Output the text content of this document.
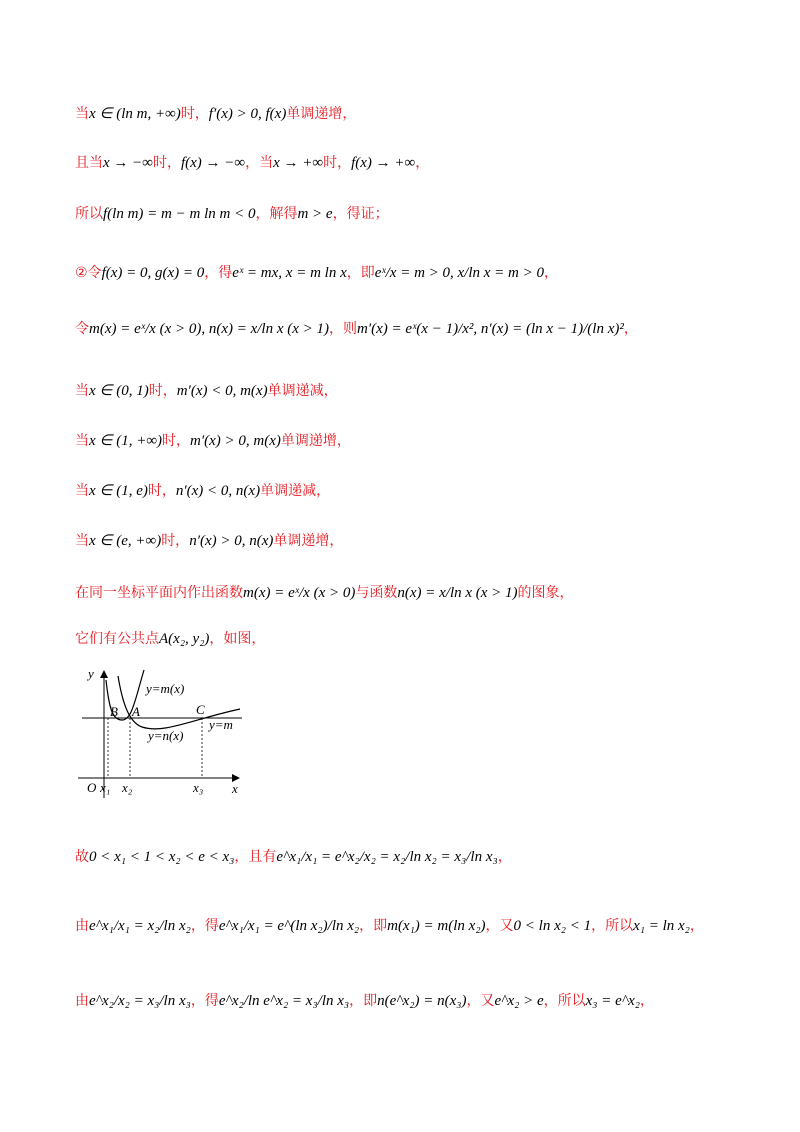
当x ∈ (ln m, +∞)时，f′(x) > 0, f(x)单调递增，
且当x → −∞时，f(x) → −∞，当x → +∞时，f(x) → +∞，
所以f(ln m) = m − m ln m < 0，解得m > e，得证；
②令f(x) = 0, g(x) = 0，得eˣ = mx, x = m ln x，即eˣ/x = m > 0, x/ln x = m > 0，
令m(x) = eˣ/x (x > 0), n(x) = x/ln x (x > 1)，则m′(x) = eˣ(x − 1)/x², n′(x) = (ln x − 1)/(ln x)²，
当x ∈ (0, 1)时，m′(x) < 0, m(x)单调递减，
当x ∈ (1, +∞)时，m′(x) > 0, m(x)单调递增，
当x ∈ (1, e)时，n′(x) < 0, n(x)单调递减，
当x ∈ (e, +∞)时，n′(x) > 0, n(x)单调递增，
在同一坐标平面内作出函数m(x) = eˣ/x (x > 0)与函数n(x) = x/ln x (x > 1)的图象，
它们有公共点A(x₂, y₂)，如图，
故0 < x₁ < 1 < x₂ < e < x₃，且有e^x₁/x₁ = e^x₂/x₂ = x₂/ln x₂ = x₃/ln x₃，
由e^x₁/x₁ = x₂/ln x₂，得e^x₁/x₁ = e^(ln x₂)/ln x₂，即m(x₁) = m(ln x₂)，又0 < ln x₂ < 1，所以x₁ = ln x₂，
由e^x₂/x₂ = x₃/ln x₃，得e^x₂/ln e^x₂ = x₃/ln x₃，即n(e^x₂) = n(x₃)，又e^x₂ > e，所以x₃ = e^x₂，
y
x
O
y=m(x)
y=n(x)
y=m
B A	C
x₁ x₂	x₃
